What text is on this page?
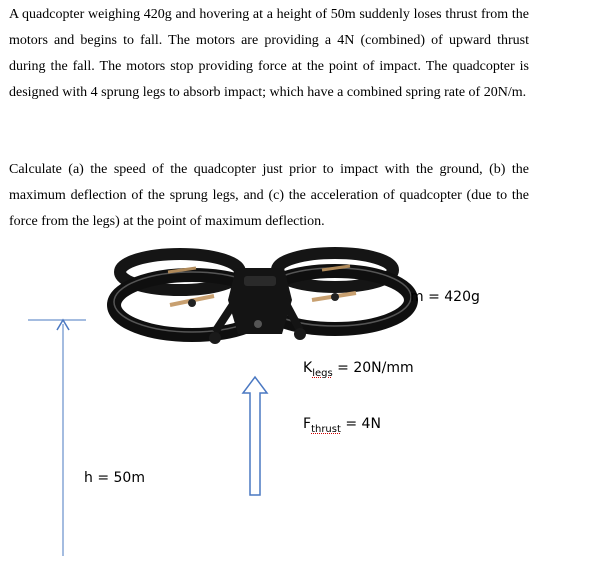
A quadcopter weighing 420g and hovering at a height of 50m suddenly loses thrust from the motors and begins to fall. The motors are providing a 4N (combined) of upward thrust during the fall. The motors stop providing force at the point of impact. The quadcopter is designed with 4 sprung legs to absorb impact; which have a combined spring rate of 20N/m.
Calculate (a) the speed of the quadcopter just prior to impact with the ground, (b) the maximum deflection of the sprung legs, and (c) the acceleration of quadcopter (due to the force from the legs) at the point of maximum deflection.
m = 420g
$K_{legs} = 20N/mm$
$F_{thrust} = 4N$
h = 50m
